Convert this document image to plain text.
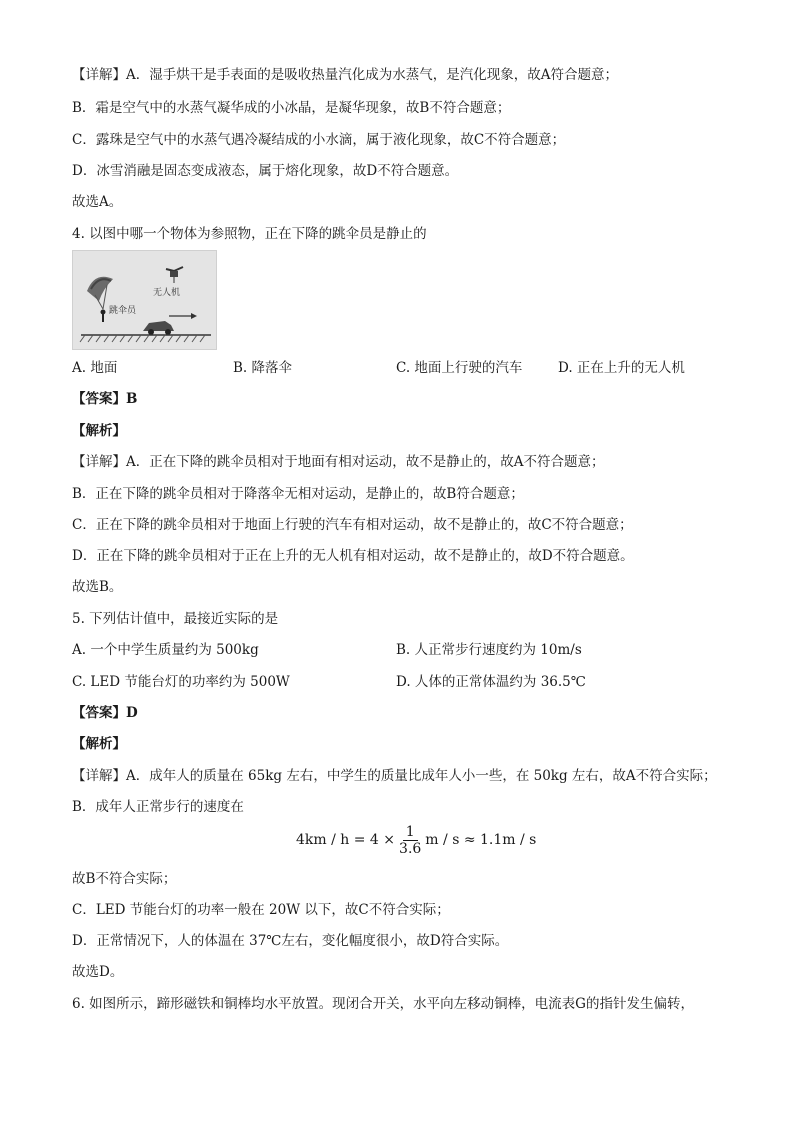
【详解】A．湿手烘干是手表面的是吸收热量汽化成为水蒸气，是汽化现象，故A符合题意；
B．霜是空气中的水蒸气凝华成的小冰晶，是凝华现象，故B不符合题意；
C．露珠是空气中的水蒸气遇冷凝结成的小水滴，属于液化现象，故C不符合题意；
D．冰雪消融是固态变成液态，属于熔化现象，故D不符合题意。
故选A。
4. 以图中哪一个物体为参照物，正在下降的跳伞员是静止的
无人机
跳伞员
A. 地面	B. 降落伞	C. 地面上行驶的汽车	D. 正在上升的无人机
【答案】B
【解析】
【详解】A．正在下降的跳伞员相对于地面有相对运动，故不是静止的，故A不符合题意；
B．正在下降的跳伞员相对于降落伞无相对运动，是静止的，故B符合题意；
C．正在下降的跳伞员相对于地面上行驶的汽车有相对运动，故不是静止的，故C不符合题意；
D．正在下降的跳伞员相对于正在上升的无人机有相对运动，故不是静止的，故D不符合题意。
故选B。
5. 下列估计值中，最接近实际的是
A. 一个中学生质量约为 500kg	B. 人正常步行速度约为 10m/s
C. LED 节能台灯的功率约为 500W	D. 人体的正常体温约为 36.5℃
【答案】D
【解析】
【详解】A．成年人的质量在 65kg 左右，中学生的质量比成年人小一些，在 50kg 左右，故A不符合实际；
B．成年人正常步行的速度在
$4km / h = 4 \times \frac{1}{3.6}$ m / s ≈ 1.1m / s
故B不符合实际；
C．LED 节能台灯的功率一般在 20W 以下，故C不符合实际；
D．正常情况下，人的体温在 37℃左右，变化幅度很小，故D符合实际。
故选D。
6. 如图所示，蹄形磁铁和铜棒均水平放置。现闭合开关，水平向左移动铜棒，电流表G的指针发生偏转，
